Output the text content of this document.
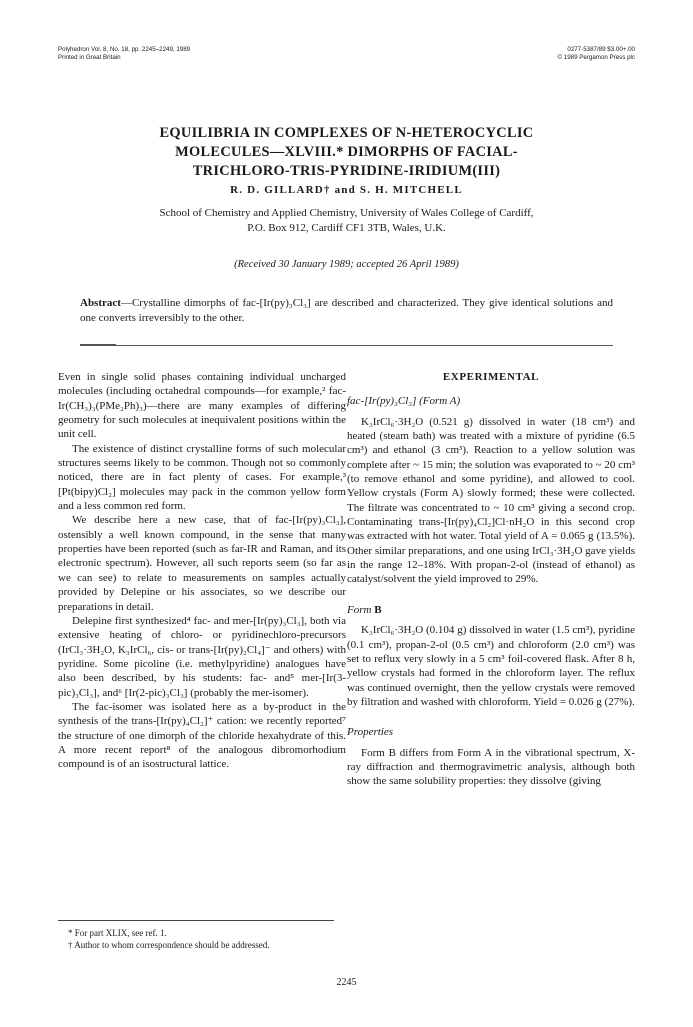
Polyhedron Vol. 8, No. 18, pp. 2245–2249, 1989
Printed in Great Britain
0277-5387/89 $3.00+.00
© 1989 Pergamon Press plc
EQUILIBRIA IN COMPLEXES OF N-HETEROCYCLIC
MOLECULES—XLVIII.* DIMORPHS OF FACIAL-
TRICHLORO-TRIS-PYRIDINE-IRIDIUM(III)
R. D. GILLARD† and S. H. MITCHELL
School of Chemistry and Applied Chemistry, University of Wales College of Cardiff,
P.O. Box 912, Cardiff CF1 3TB, Wales, U.K.
(Received 30 January 1989; accepted 26 April 1989)
Abstract—Crystalline dimorphs of fac-[Ir(py)₃Cl₃] are described and characterized. They give identical solutions and one converts irreversibly to the other.

Even in single solid phases containing individual uncharged molecules (including octahedral compounds—for example,² fac-Ir(CH₃)₃(PMe₂Ph)₃)—there are many examples of differing geometry for such molecules at inequivalent positions within the unit cell.

The existence of distinct crystalline forms of such molecular structures seems likely to be common. Though not so commonly noticed, there are in fact plenty of cases. For example,³ [Pt(bipy)Cl₂] molecules may pack in the common yellow form and a less common red form.

We describe here a new case, that of fac-[Ir(py)₃Cl₃], ostensibly a well known compound, in the sense that many properties have been reported (such as far-IR and Raman, and its electronic spectrum). However, all such reports seem (so far as we can see) to relate to measurements on samples actually provided by Delepine or his associates, so we describe our preparations in detail.

Delepine first synthesized⁴ fac- and mer-[Ir(py)₃Cl₃], both via extensive heating of chloro- or pyridinechloro-precursors (IrCl₃·3H₂O, K₃IrCl₆, cis- or trans-[Ir(py)₂Cl₄]⁻ and others) with pyridine. Some picoline (i.e. methylpyridine) analogues have also been described, by his students: fac- and⁵ mer-[Ir(3-pic)₃Cl₃], and⁶ [Ir(2-pic)₃Cl₃] (probably the mer-isomer).

The fac-isomer was isolated here as a by-product in the synthesis of the trans-[Ir(py)₄Cl₂]⁺ cation: we recently reported⁷ the structure of one dimorph of the chloride hexahydrate of this. A more recent report⁸ of the analogous dibromorhodium compound is of an isostructural lattice.

EXPERIMENTAL

fac-[Ir(py)₃Cl₃] (Form A)

K₃IrCl₆·3H₂O (0.521 g) dissolved in water (18 cm³) and heated (steam bath) was treated with a mixture of pyridine (6.5 cm³) and ethanol (3 cm³). Reaction to a yellow solution was complete after ~ 15 min; the solution was evaporated to ~ 20 cm³ (to remove ethanol and some pyridine), and allowed to cool. Yellow crystals (Form A) slowly formed; these were collected. The filtrate was concentrated to ~ 10 cm³ giving a second crop. Contaminating trans-[Ir(py)₄Cl₂]Cl·nH₂O in this second crop was extracted with hot water. Total yield of A = 0.065 g (13.5%). Other similar preparations, and one using IrCl₃·3H₂O gave yields in the range 12–18%. With propan-2-ol (instead of ethanol) as catalyst/solvent the yield improved to 29%.

Form B

K₃IrCl₆·3H₂O (0.104 g) dissolved in water (1.5 cm³), pyridine (0.1 cm³), propan-2-ol (0.5 cm³) and chloroform (2.0 cm³) was set to reflux very slowly in a 5 cm³ foil-covered flask. After 8 h, yellow crystals had formed in the chloroform layer. The reflux was continued overnight, then the yellow crystals were removed by filtration and washed with chloroform. Yield = 0.026 g (27%).

Properties

Form B differs from Form A in the vibrational spectrum, X-ray diffraction and thermogravimetric analysis, although both show the same solubility properties: they dissolve (giving

* For part XLIX, see ref. 1.

† Author to whom correspondence should be addressed.

2245
